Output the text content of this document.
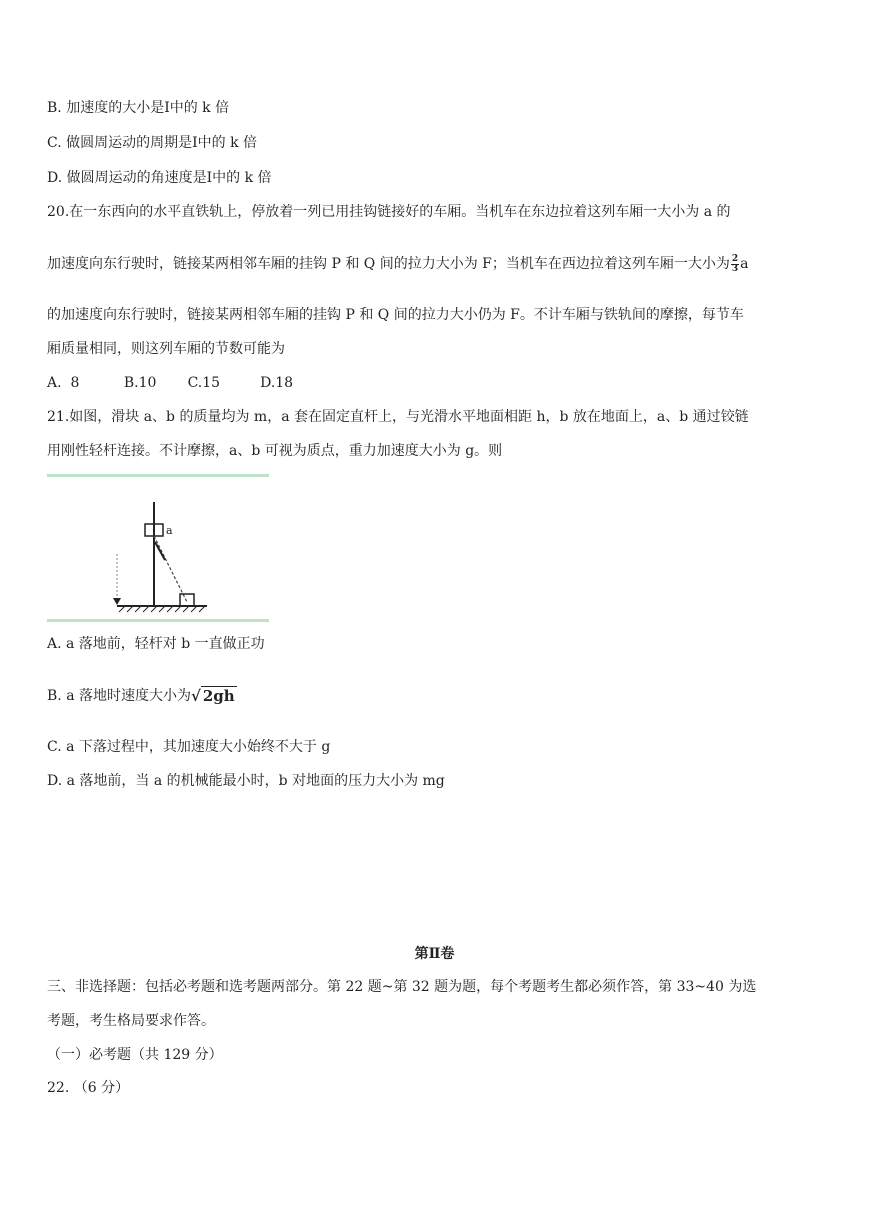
B. 加速度的大小是Ⅰ中的 k 倍
C. 做圆周运动的周期是Ⅰ中的 k 倍
D. 做圆周运动的角速度是Ⅰ中的 k 倍
20.在一东西向的水平直铁轨上，停放着一列已用挂钩链接好的车厢。当机车在东边拉着这列车厢一大小为 a 的
加速度向东行驶时，链接某两相邻车厢的挂钩 P 和 Q 间的拉力大小为 F；当机车在西边拉着这列车厢一大小为 $\frac{2}{3}$ a
的加速度向东行驶时，链接某两相邻车厢的挂钩 P 和 Q 间的拉力大小仍为 F。不计车厢与铁轨间的摩擦，每节车
厢质量相同，则这列车厢的节数可能为
A.  8          B.10       C.15         D.18
21.如图，滑块 a、b 的质量均为 m，a 套在固定直杆上，与光滑水平地面相距 h，b 放在地面上，a、b 通过铰链
用刚性轻杆连接。不计摩擦，a、b 可视为质点，重力加速度大小为 g。则
a
A. a 落地前，轻杆对 b 一直做正功
B. a 落地时速度大小为√ 2gh
C. a 下落过程中，其加速度大小始终不大于 g
D. a 落地前，当 a 的机械能最小时，b 对地面的压力大小为 mg
第Ⅱ卷
三、非选择题：包括必考题和选考题两部分。第 22 题~第 32 题为题，每个考题考生都必须作答，第 33~40 为选
考题，考生格局要求作答。
（一）必考题（共 129 分）
22. （6 分）
